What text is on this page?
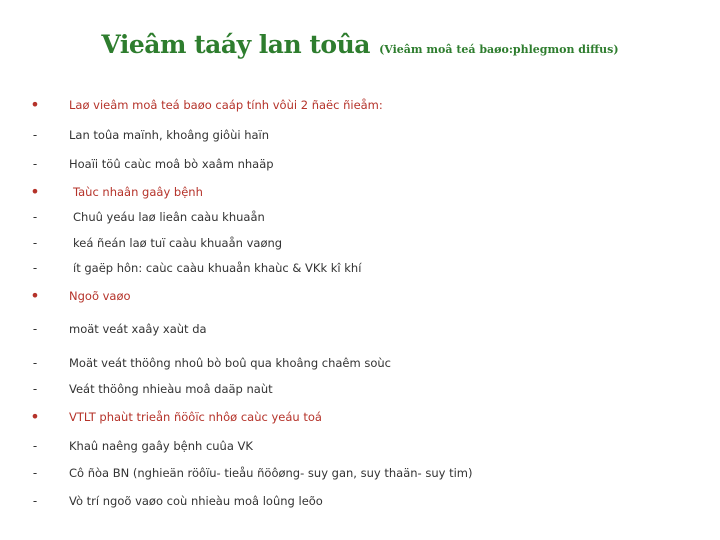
Vieâm taáy lan toûa (Vieâm moâ teá baøo:phlegmon diffus)
•	Laø vieâm moâ teá baøo caáp tính vôùi 2 ñaëc ñieåm:
-	Lan toûa maïnh, khoâng giôùi haïn
-	Hoaïi töû caùc moâ bò xaâm nhaäp
•	Taùc nhaân gaây bệnh
-	Chuû yeáu laø lieân caàu khuaån
-	keá ñeán laø tuï caàu khuaån vaøng
-	ít gaëp hôn: caùc caàu khuaån khaùc & VKk kî khí
•	Ngoõ vaøo
-	moät veát xaây xaùt da
-	Moät veát thöông nhoû bò boû qua khoâng chaêm soùc
-	Veát thöông nhieàu moâ daäp naùt
•	VTLT phaùt trieån ñöôïc nhôø caùc yeáu toá
-	Khaû naêng gaây bệnh cuûa VK
-	Cô ñòa BN (nghieän röôïu- tieåu ñöôøng- suy gan, suy thaän- suy tim)
-	Vò trí ngoõ vaøo coù nhieàu moâ loûng leõo
